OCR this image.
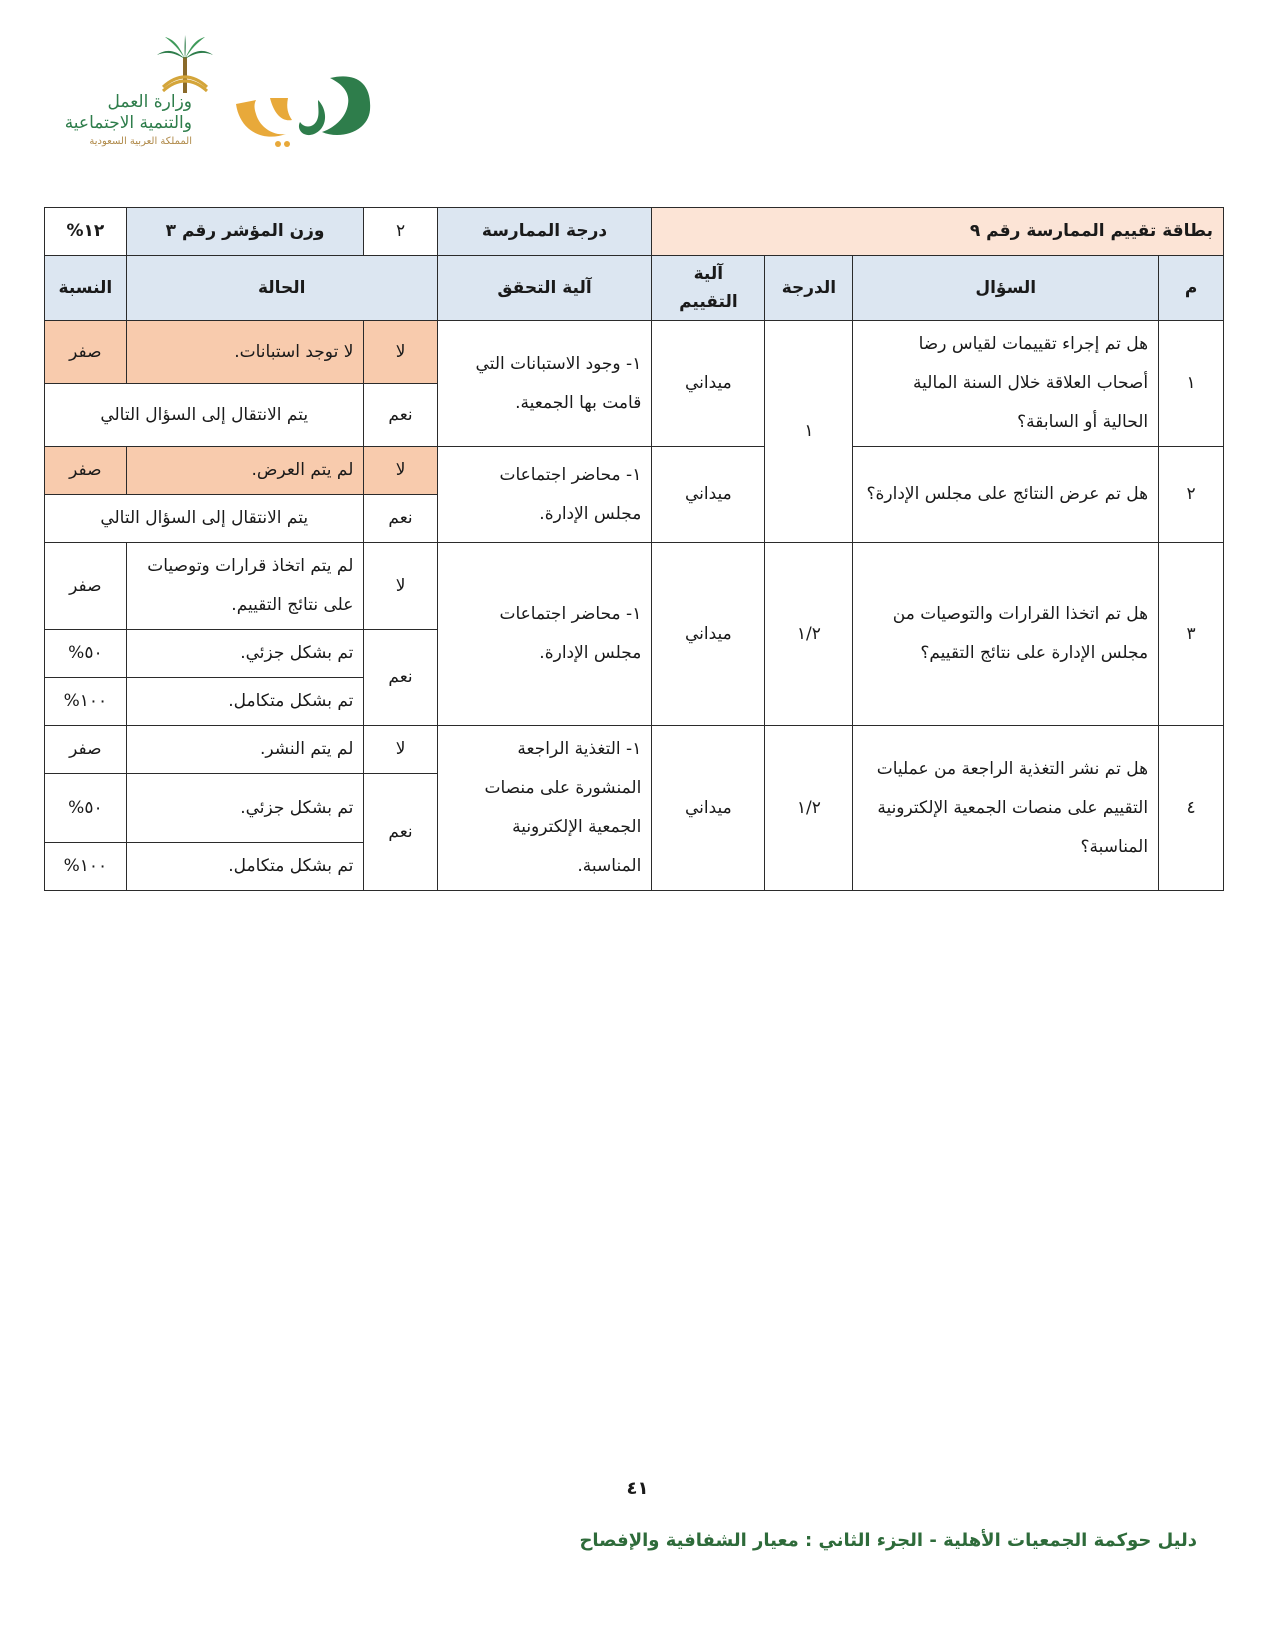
وزارة العمل
والتنمية الاجتماعية
المملكة العربية السعودية
بطاقة تقييم الممارسة رقم ٩				درجة الممارسة	٢	وزن المؤشر رقم ٣	١٢%
م	السؤال	الدرجة	آلية التقييم	آلية التحقق	الحالة		النسبة
١	هل تم إجراء تقييمات لقياس رضا أصحاب العلاقة خلال السنة المالية الحالية أو السابقة؟	١	ميداني	١- وجود الاستبانات التي قامت بها الجمعية.	لا	لا توجد استبانات.	صفر
					نعم	يتم الانتقال إلى السؤال التالي	
٢	هل تم عرض النتائج على مجلس الإدارة؟		ميداني	١- محاضر اجتماعات مجلس الإدارة.	لا	لم يتم العرض.	صفر
					نعم	يتم الانتقال إلى السؤال التالي	
٣	هل تم اتخذا القرارات والتوصيات من مجلس الإدارة على نتائج التقييم؟	١/٢	ميداني	١- محاضر اجتماعات مجلس الإدارة.	لا	لم يتم اتخاذ قرارات وتوصيات على نتائج التقييم.	صفر
					نعم	تم بشكل جزئي.	٥٠%
						تم بشكل متكامل.	١٠٠%
٤	هل تم نشر التغذية الراجعة من عمليات التقييم على منصات الجمعية الإلكترونية المناسبة؟	١/٢	ميداني	١- التغذية الراجعة المنشورة على منصات الجمعية الإلكترونية المناسبة.	لا	لم يتم النشر.	صفر
					نعم	تم بشكل جزئي.	٥٠%
						تم بشكل متكامل.	١٠٠%
٤١
دليل حوكمة الجمعيات الأهلية - الجزء الثاني : معيار الشفافية والإفصاح
